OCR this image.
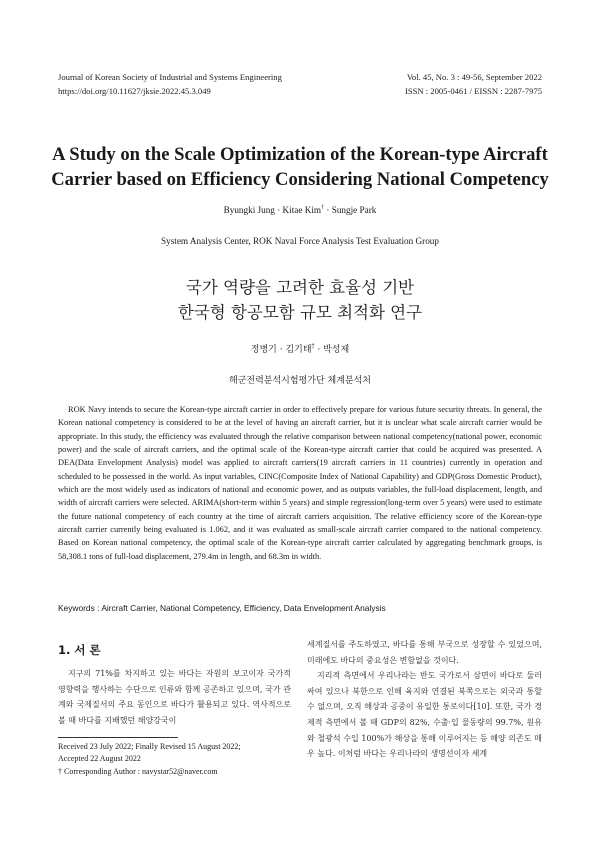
Journal of Korean Society of Industrial and Systems Engineering
https://doi.org/10.11627/jksie.2022.45.3.049
Vol. 45, No. 3 : 49-56, September 2022
ISSN : 2005-0461 / EISSN : 2287-7975
A Study on the Scale Optimization of the Korean-type Aircraft
Carrier based on Efficiency Considering National Competency
Byungki Jung · Kitae Kim† · Sungje Park
System Analysis Center, ROK Naval Force Analysis Test Evaluation Group
국가 역량을 고려한 효율성 기반
한국형 항공모함 규모 최적화 연구
정병기 · 김기태† · 박성제
해군전력분석시험평가단 체계분석처
ROK Navy intends to secure the Korean-type aircraft carrier in order to effectively prepare for various future security threats. In general, the Korean national competency is considered to be at the level of having an aircraft carrier, but it is unclear what scale aircraft carrier would be appropriate. In this study, the efficiency was evaluated through the relative comparison between national competency(national power, economic power) and the scale of aircraft carriers, and the optimal scale of the Korean-type aircraft carrier that could be acquired was presented. A DEA(Data Envelopment Analysis) model was applied to aircraft carriers(19 aircraft carriers in 11 countries) currently in operation and scheduled to be possessed in the world. As input variables, CINC(Composite Index of National Capability) and GDP(Gross Domestic Product), which are the most widely used as indicators of national and economic power, and as outputs variables, the full-load displacement, length, and width of aircraft carriers were selected. ARIMA(short-term within 5 years) and simple regression(long-term over 5 years) were used to estimate the future national competency of each country at the time of aircraft carriers acquisition. The relative efficiency score of the Korean-type aircraft carrier currently being evaluated is 1.062, and it was evaluated as small-scale aircraft carrier compared to the national competency. Based on Korean national competency, the optimal scale of the Korean-type aircraft carrier calculated by aggregating benchmark groups, is 58,308.1 tons of full-load displacement, 279.4m in length, and 68.3m in width.
Keywords : Aircraft Carrier, National Competency, Efficiency, Data Envelopment Analysis
1. 서 론
지구의 71%를 차지하고 있는 바다는 자원의 보고이자 국가적 영향력을 행사하는 수단으로 인류와 함께 공존하고 있으며, 국가 관계와 국제질서의 주요 동인으로 바다가 활용되고 있다. 역사적으로 볼 때 바다를 지배했던 해양강국이
세계질서를 주도하였고, 바다를 통해 부국으로 성장할 수 있었으며, 미래에도 바다의 중요성은 변함없을 것이다.
지리적 측면에서 우리나라는 반도 국가로서 삼면이 바다로 둘러싸여 있으나 북한으로 인해 육지와 연결된 북쪽으로는 외국과 통할 수 없으며, 오직 해상과 공중이 유일한 통로이다[10]. 또한, 국가 경제적 측면에서 볼 때 GDP의 82%, 수출·입 물동량의 99.7%, 원유와 철광석 수입 100%가 해상을 통해 이루어지는 등 해양 의존도 매우 높다. 이처럼 바다는 우리나라의 생명선이자 세계
Received 23 July 2022; Finally Revised 15 August 2022;
Accepted 22 August 2022
† Corresponding Author : navystar52@naver.com
